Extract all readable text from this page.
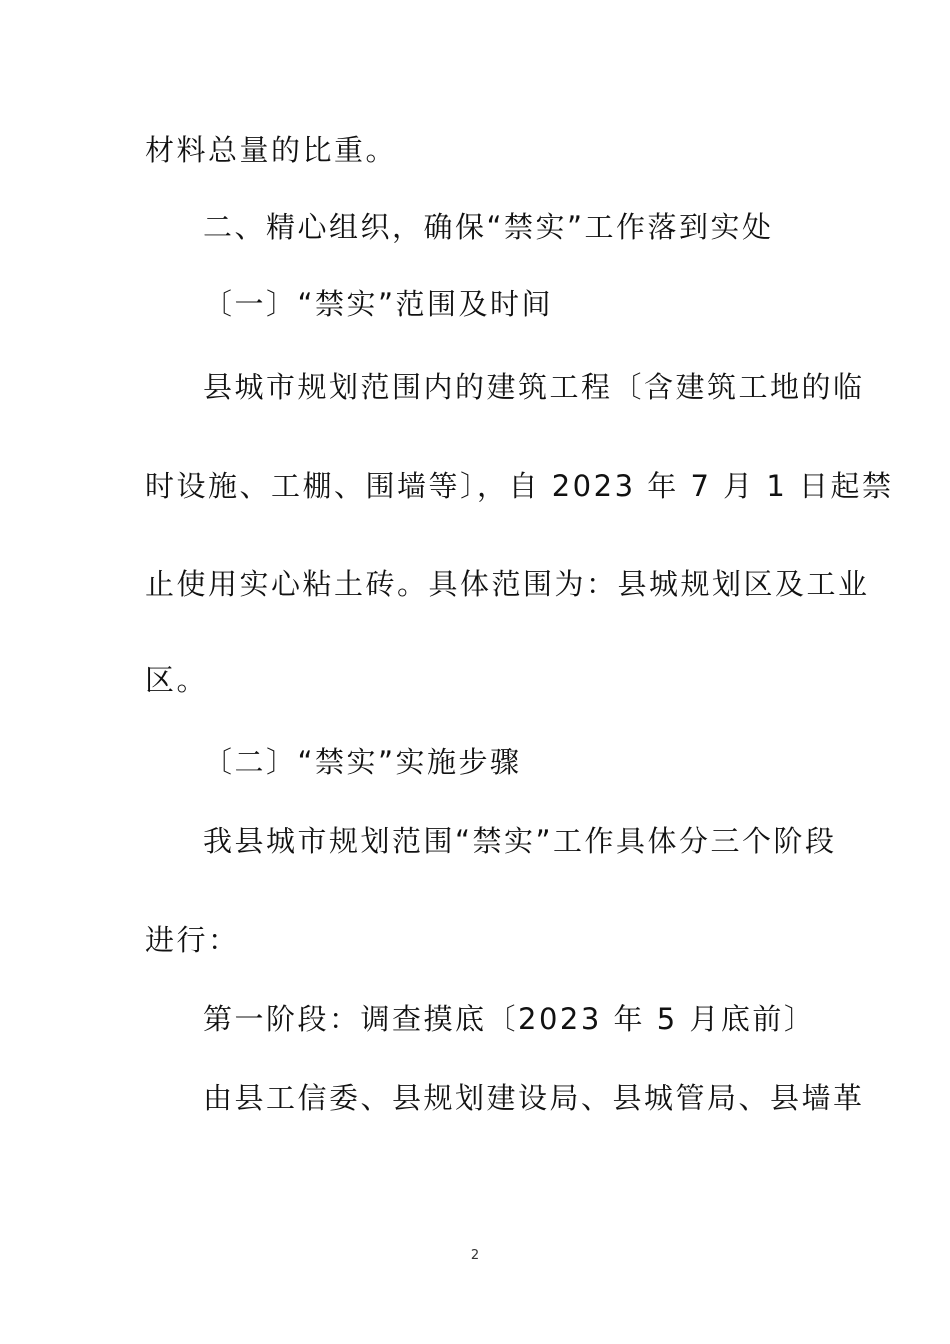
材料总量的比重。
二、精心组织，确保“禁实”工作落到实处
〔一〕“禁实”范围及时间
县城市规划范围内的建筑工程〔含建筑工地的临
时设施、工棚、围墙等〕，自 2023 年 7 月 1 日起禁
止使用实心粘土砖。具体范围为：县城规划区及工业
区。
〔二〕“禁实”实施步骤
我县城市规划范围“禁实”工作具体分三个阶段
进行：
第一阶段：调查摸底〔2023 年 5 月底前〕
由县工信委、县规划建设局、县城管局、县墙革
2
